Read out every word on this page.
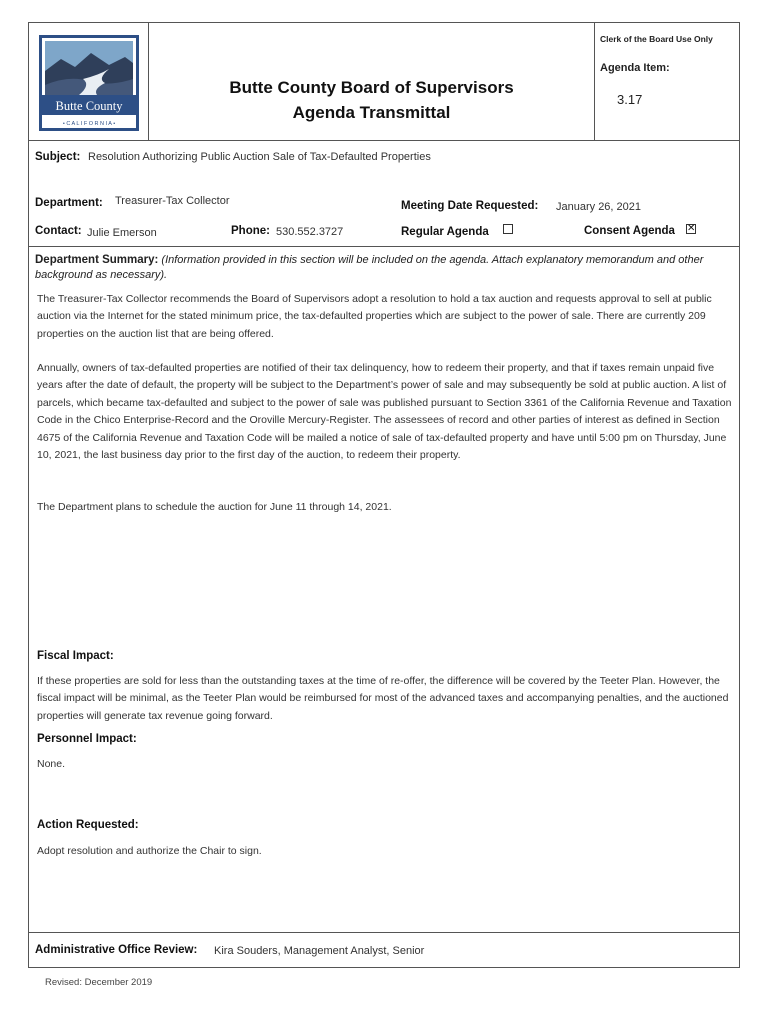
Butte County
• C A L I F O R N I A •
Butte County Board of Supervisors
Agenda Transmittal
Clerk of the Board Use Only
Agenda Item:
3.17
Subject: Resolution Authorizing Public Auction Sale of Tax-Defaulted Properties
Department: Treasurer-Tax Collector	Meeting Date Requested: January 26, 2021
Contact: Julie Emerson	Phone: 530.552.3727	Regular Agenda	Consent Agenda ✕
Department Summary: (Information provided in this section will be included on the agenda. Attach explanatory memorandum and other background as necessary).
The Treasurer-Tax Collector recommends the Board of Supervisors adopt a resolution to hold a tax auction and requests approval to sell at public auction via the Internet for the stated minimum price, the tax-defaulted properties which are subject to the power of sale. There are currently 209 properties on the auction list that are being offered.
Annually, owners of tax-defaulted properties are notified of their tax delinquency, how to redeem their property, and that if taxes remain unpaid five years after the date of default, the property will be subject to the Department’s power of sale and may subsequently be sold at public auction. A list of parcels, which became tax-defaulted and subject to the power of sale was published pursuant to Section 3361 of the California Revenue and Taxation Code in the Chico Enterprise-Record and the Oroville Mercury-Register. The assessees of record and other parties of interest as defined in Section 4675 of the California Revenue and Taxation Code will be mailed a notice of sale of tax-defaulted property and have until 5:00 pm on Thursday, June 10, 2021, the last business day prior to the first day of the auction, to redeem their property.
The Department plans to schedule the auction for June 11 through 14, 2021.
Fiscal Impact:
If these properties are sold for less than the outstanding taxes at the time of re-offer, the difference will be covered by the Teeter Plan. However, the fiscal impact will be minimal, as the Teeter Plan would be reimbursed for most of the advanced taxes and accompanying penalties, and the auctioned properties will generate tax revenue going forward.
Personnel Impact:
None.
Action Requested:
Adopt resolution and authorize the Chair to sign.
Administrative Office Review: Kira Souders, Management Analyst, Senior
Revised: December 2019
